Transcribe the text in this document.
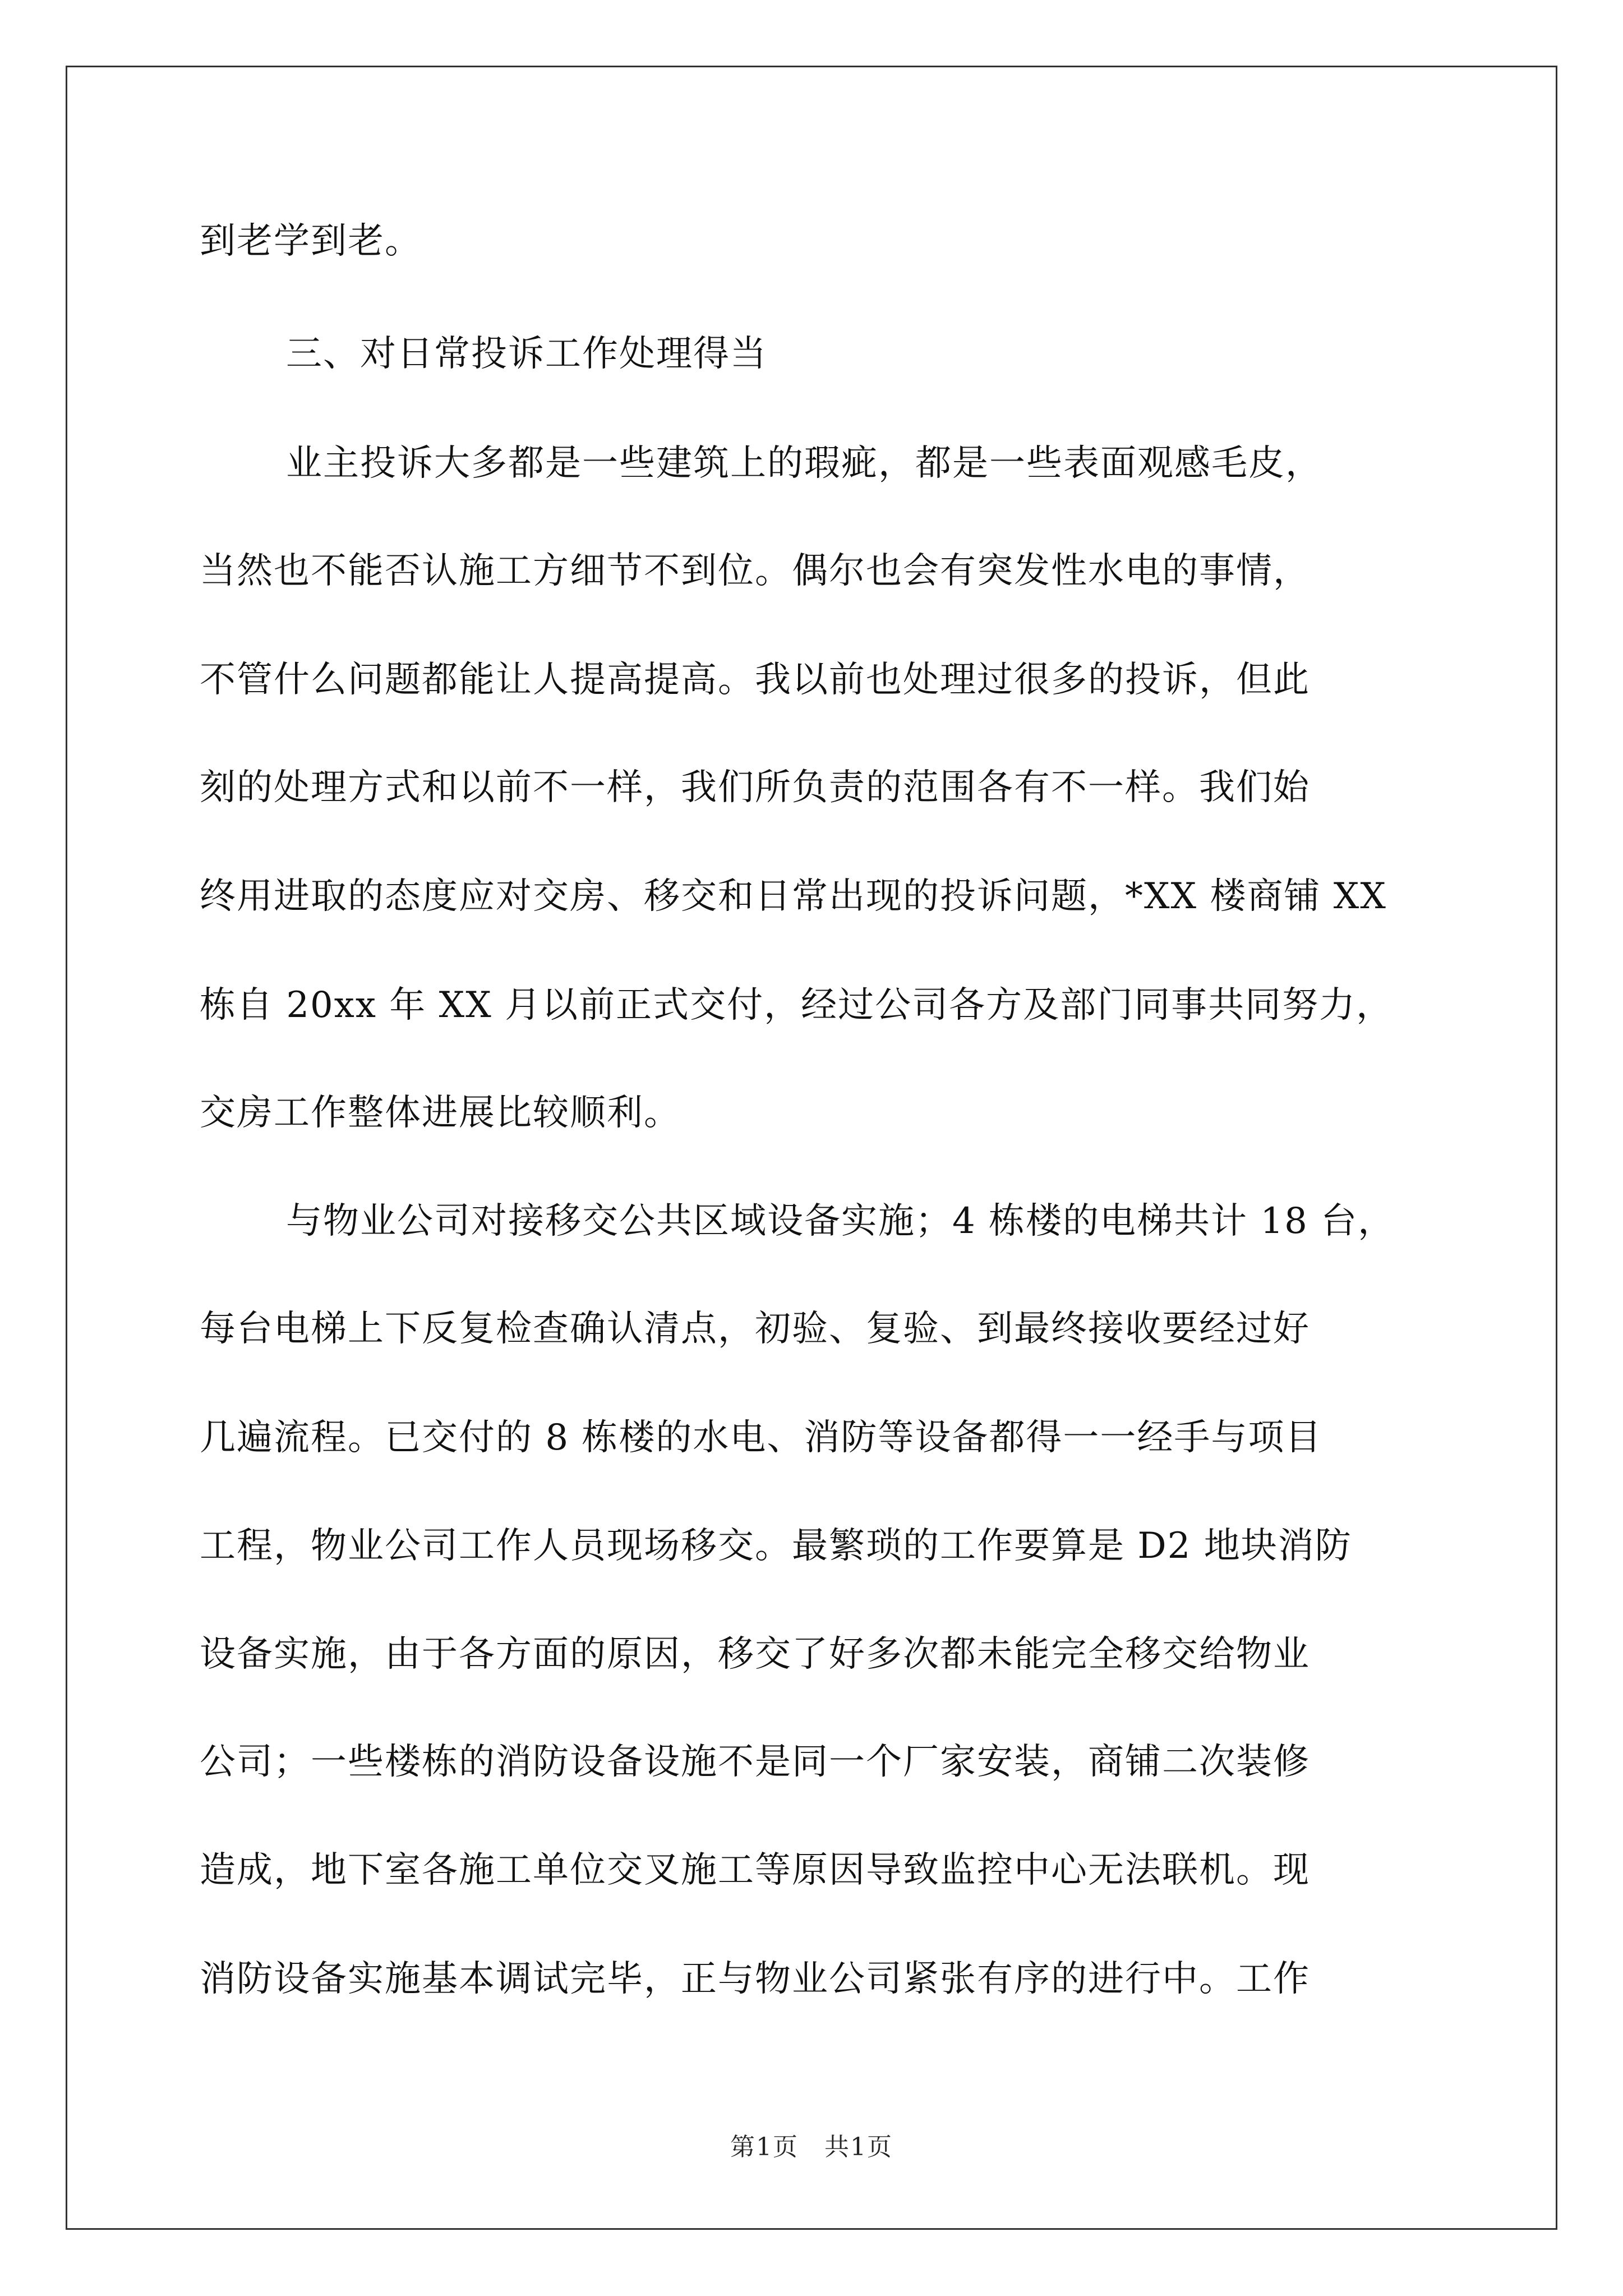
到老学到老。
三、对日常投诉工作处理得当
业主投诉大多都是一些建筑上的瑕疵，都是一些表面观感毛皮，
当然也不能否认施工方细节不到位。偶尔也会有突发性水电的事情，
不管什么问题都能让人提高提高。我以前也处理过很多的投诉，但此
刻的处理方式和以前不一样，我们所负责的范围各有不一样。我们始
终用进取的态度应对交房、移交和日常出现的投诉问题，*XX 楼商铺 XX
栋自 20xx 年 XX 月以前正式交付，经过公司各方及部门同事共同努力，
交房工作整体进展比较顺利。
与物业公司对接移交公共区域设备实施；4 栋楼的电梯共计 18 台，
每台电梯上下反复检查确认清点，初验、复验、到最终接收要经过好
几遍流程。已交付的 8 栋楼的水电、消防等设备都得一一经手与项目
工程，物业公司工作人员现场移交。最繁琐的工作要算是 D2 地块消防
设备实施，由于各方面的原因，移交了好多次都未能完全移交给物业
公司；一些楼栋的消防设备设施不是同一个厂家安装，商铺二次装修
造成，地下室各施工单位交叉施工等原因导致监控中心无法联机。现
消防设备实施基本调试完毕，正与物业公司紧张有序的进行中。工作
第1页　共1页
